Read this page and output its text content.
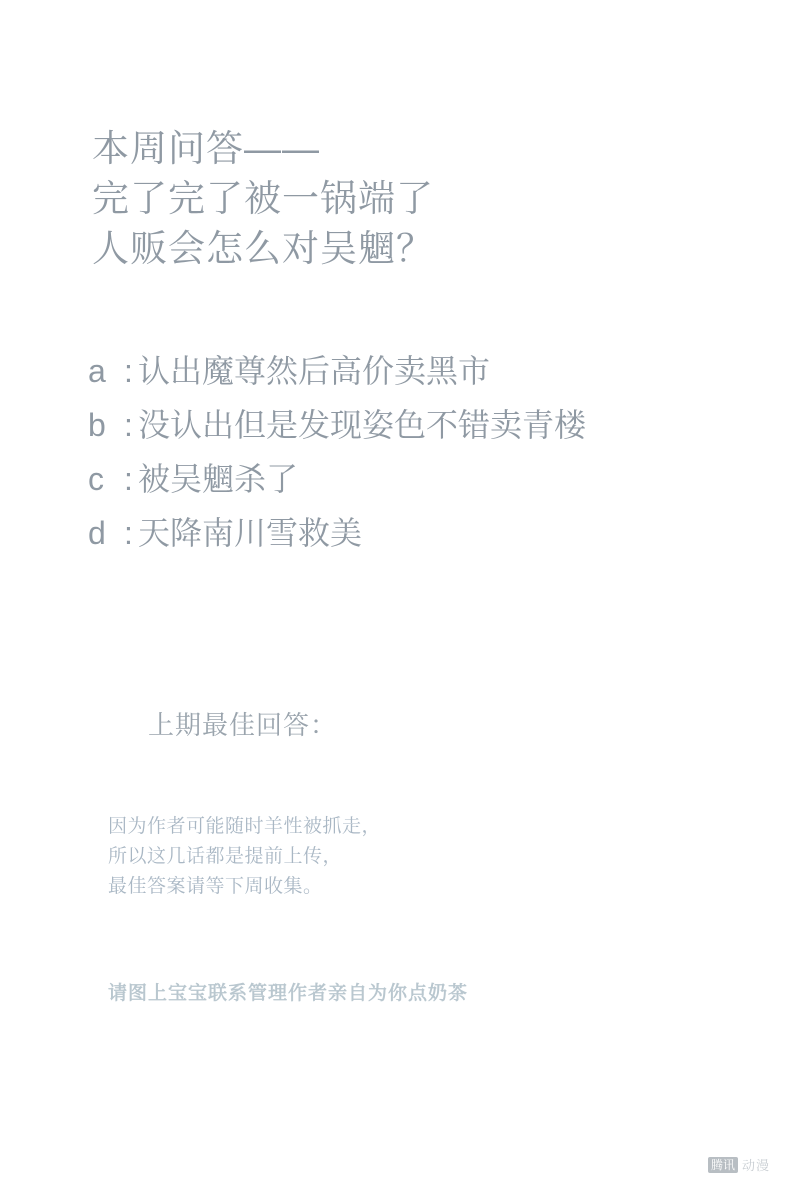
本周问答——
完了完了被一锅端了
人贩会怎么对吴魍？
a : 认出魔尊然后高价卖黑市
b : 没认出但是发现姿色不错卖青楼
c : 被吴魍杀了
d : 天降南川雪救美
上期最佳回答：
因为作者可能随时羊性被抓走，
所以这几话都是提前上传，
最佳答案请等下周收集。
请图上宝宝联系管理作者亲自为你点奶茶
腾讯 动漫
